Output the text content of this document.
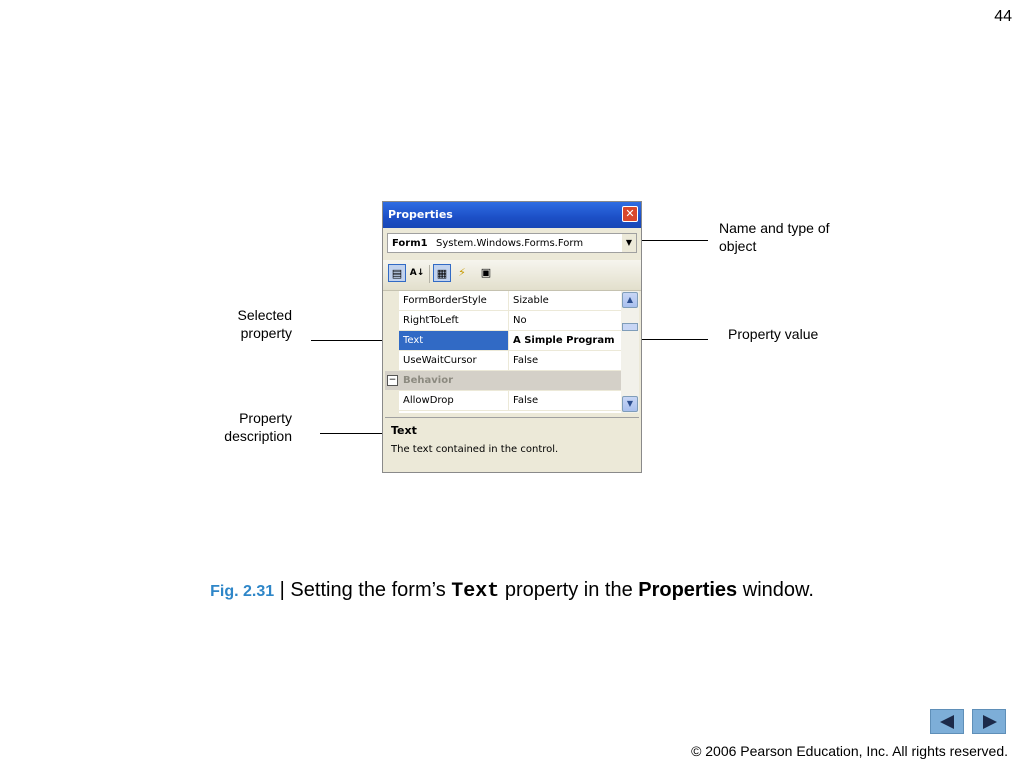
44
Name and type of
object
Property value
Selected
property
Property
description
Properties	✕
Form1 System.Windows.Forms.Form	▼
▤ A↓	▦ ⚡	▣
FormBorderStyle	Sizable
RightToLeft	No
Text	A Simple Program
UseWaitCursor	False
− Behavior
AllowDrop	False
▲
▼
Text
The text contained in the control.
Fig. 2.31 | Setting the form’s Text property in the Properties window.
© 2006 Pearson Education, Inc. All rights reserved.
